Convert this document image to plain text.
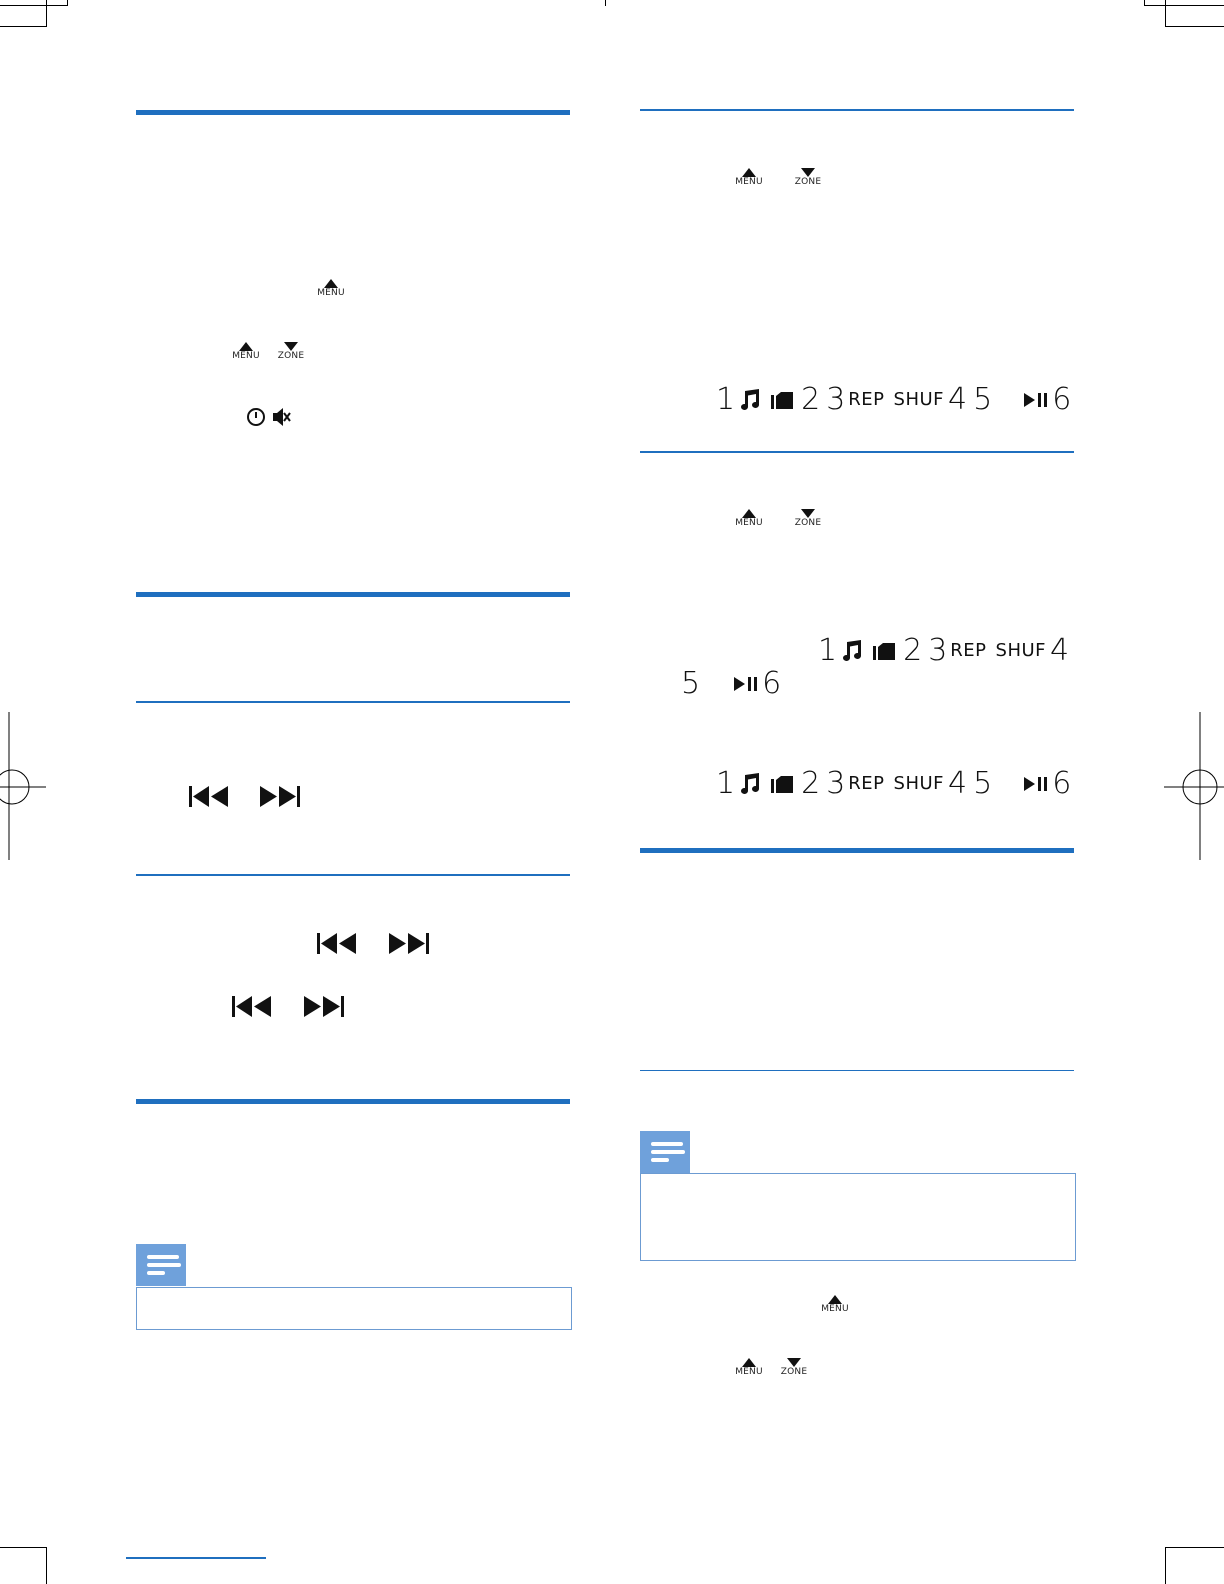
MENU
MENU	ZONE
MENU	ZONE
1 2 3 REP SHUF 4 5 6
MENU	ZONE
1 2 3 REP SHUF 4
5 6
1 2 3 REP SHUF 4 5 6
MENU
MENU	ZONE
